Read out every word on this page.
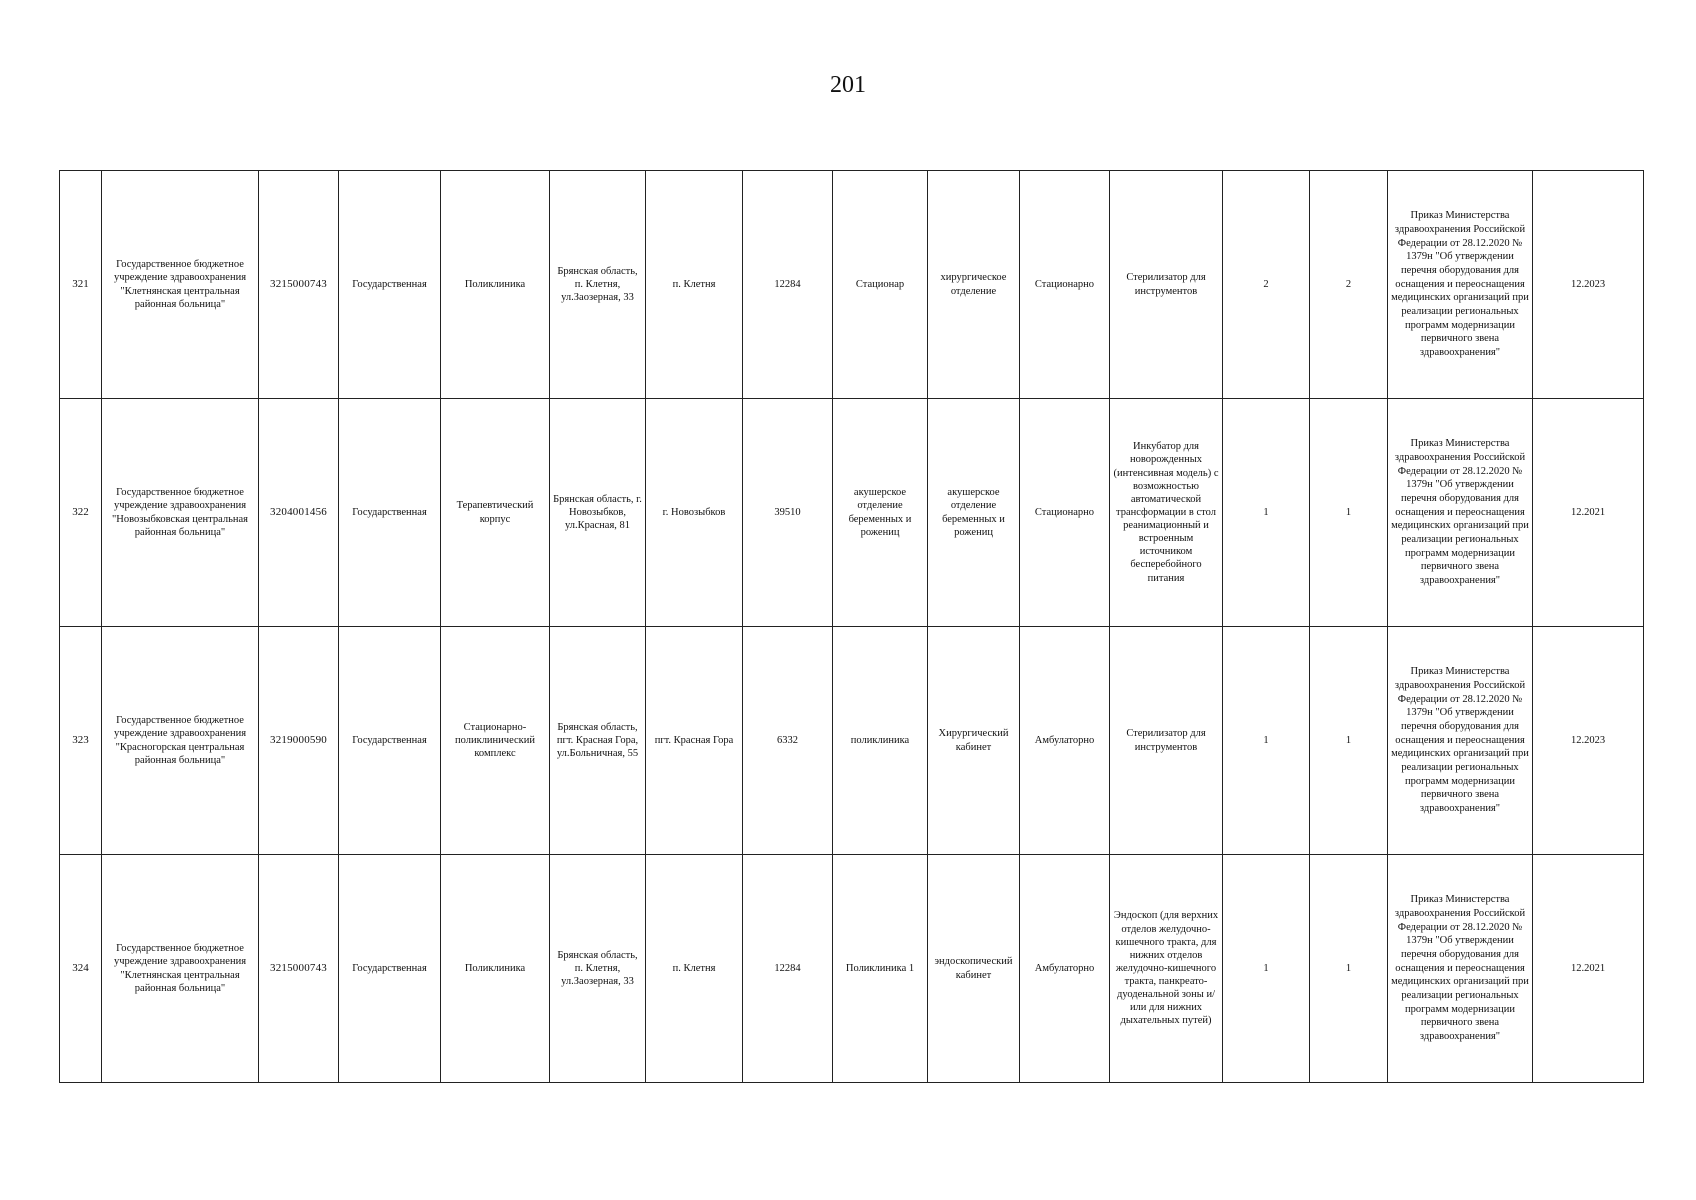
201
321	Государственное бюджетное учреждение здравоохранения "Клетнянская центральная районная больница"	3215000743	Государственная	Поликлиника	Брянская область, п. Клетня, ул.Заозерная, 33	п. Клетня	12284	Стационар	хирургическое отделение	Стационарно	Стерилизатор для инструментов	2	2	Приказ Министерства здравоохранения Российской Федерации от 28.12.2020 № 1379н "Об утверждении перечня оборудования для оснащения и переоснащения медицинских организаций при реализации региональных программ модернизации первичного звена здравоохранения"	12.2023
322	Государственное бюджетное учреждение здравоохранения "Новозыбковская центральная районная больница"	3204001456	Государственная	Терапевтический корпус	Брянская область, г. Новозыбков, ул.Красная, 81	г. Новозыбков	39510	акушерское отделение беременных и рожениц	акушерское отделение беременных и рожениц	Стационарно	Инкубатор для новорожденных (интенсивная модель) с возможностью автоматической трансформации в стол реанимационный и встроенным источником бесперебойного питания	1	1	Приказ Министерства здравоохранения Российской Федерации от 28.12.2020 № 1379н "Об утверждении перечня оборудования для оснащения и переоснащения медицинских организаций при реализации региональных программ модернизации первичного звена здравоохранения"	12.2021
323	Государственное бюджетное учреждение здравоохранения "Красногорская центральная районная больница"	3219000590	Государственная	Стационарно-поликлинический комплекс	Брянская область, пгт. Красная Гора, ул.Больничная, 55	пгт. Красная Гора	6332	поликлиника	Хирургический кабинет	Амбулаторно	Стерилизатор для инструментов	1	1	Приказ Министерства здравоохранения Российской Федерации от 28.12.2020 № 1379н "Об утверждении перечня оборудования для оснащения и переоснащения медицинских организаций при реализации региональных программ модернизации первичного звена здравоохранения"	12.2023
324	Государственное бюджетное учреждение здравоохранения "Клетнянская центральная районная больница"	3215000743	Государственная	Поликлиника	Брянская область, п. Клетня, ул.Заозерная, 33	п. Клетня	12284	Поликлиника 1	эндоскопический кабинет	Амбулаторно	Эндоскоп (для верхних отделов желудочно-кишечного тракта, для нижних отделов желудочно-кишечного тракта, панкреато-дуоденальной зоны и/или для нижних дыхательных путей)	1	1	Приказ Министерства здравоохранения Российской Федерации от 28.12.2020 № 1379н "Об утверждении перечня оборудования для оснащения и переоснащения медицинских организаций при реализации региональных программ модернизации первичного звена здравоохранения"	12.2021
